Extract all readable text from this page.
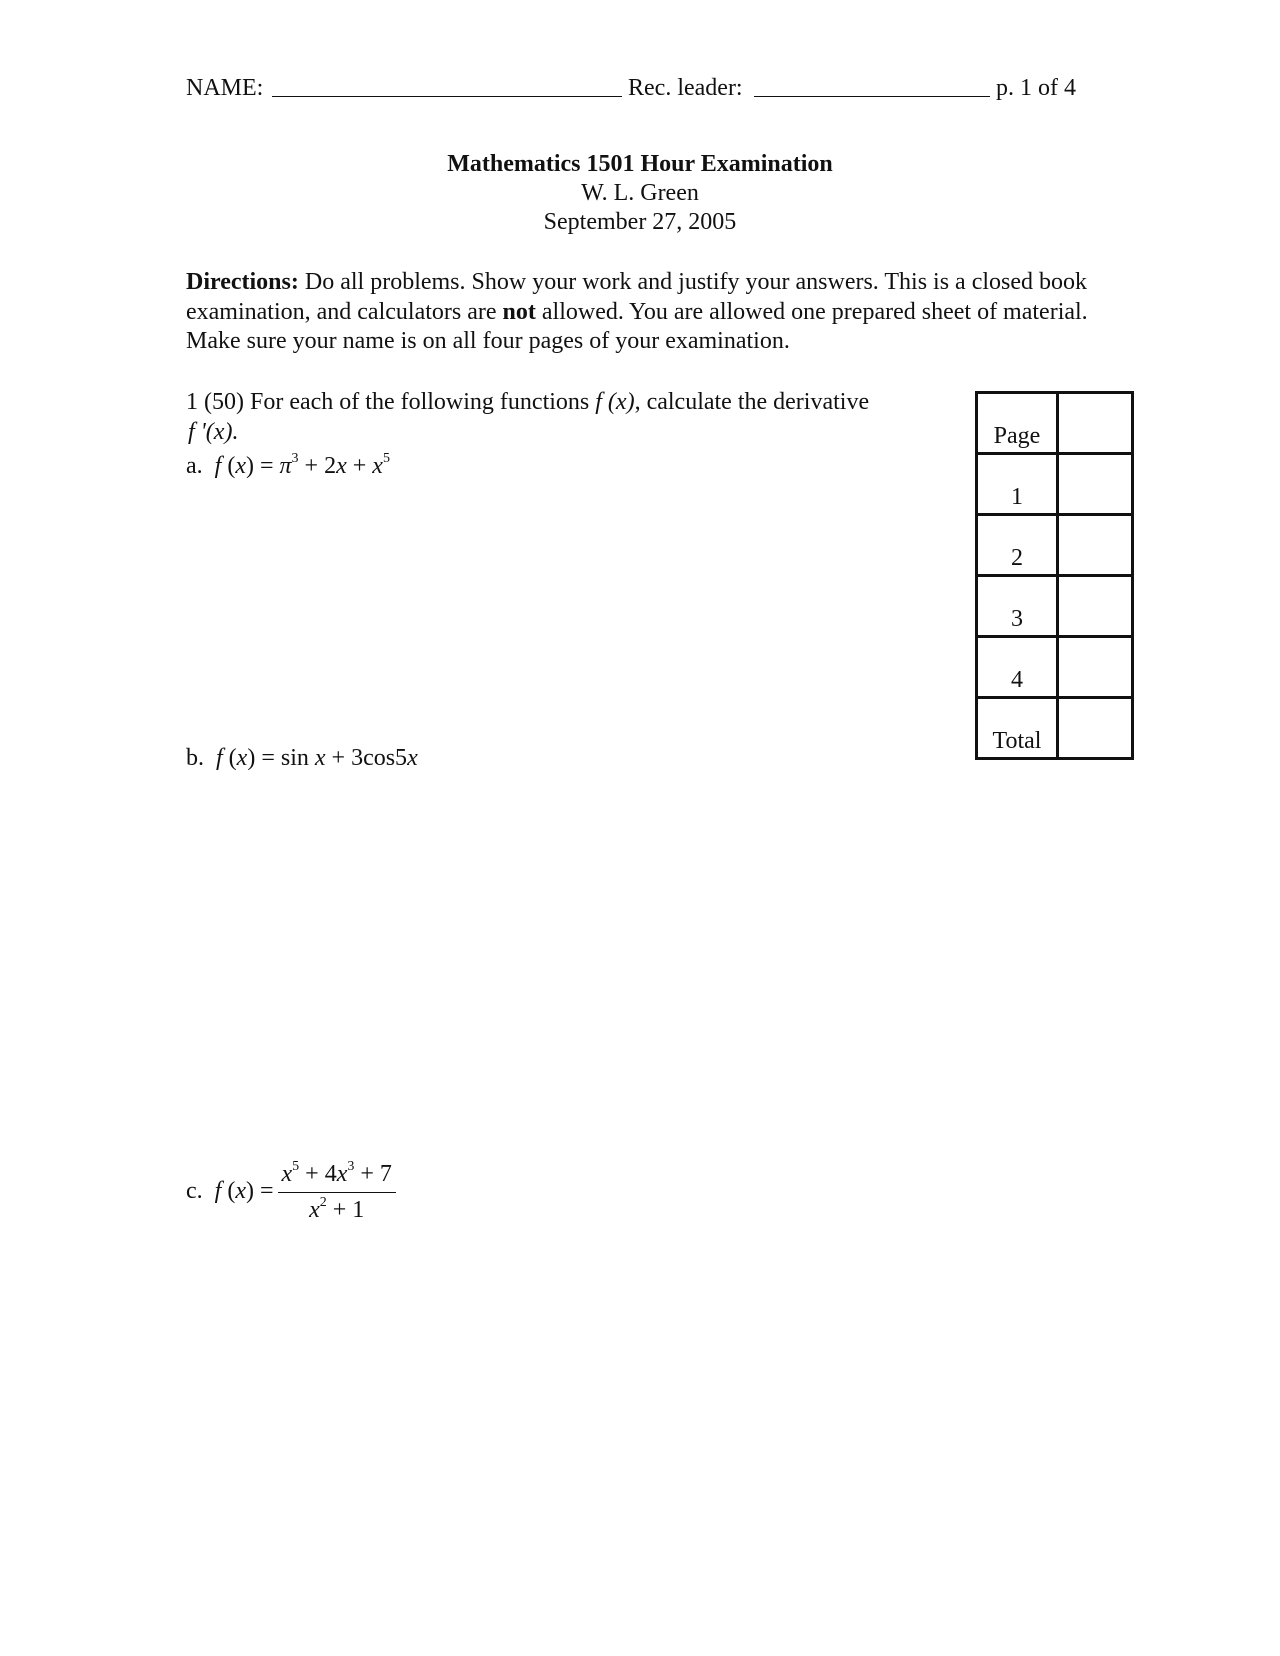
NAME:	Rec. leader:	p. 1 of 4
Mathematics 1501 Hour Examination
W. L. Green
September 27, 2005
Directions: Do all problems. Show your work and justify your answers. This is a closed book examination, and calculators are not allowed. You are allowed one prepared sheet of material. Make sure your name is on all four pages of your examination.
1 (50) For each of the following functions f (x), calculate the derivative
f '(x).
a. f $(x) = \pi^3 + 2x + x^5$
b. f (x) = sin x + 3cos5x
c. f $(x) = \frac{x^5 + 4x^3 + 7}{x^2 + 1}$
Page	
1	
2	
3	
4	
Total	
